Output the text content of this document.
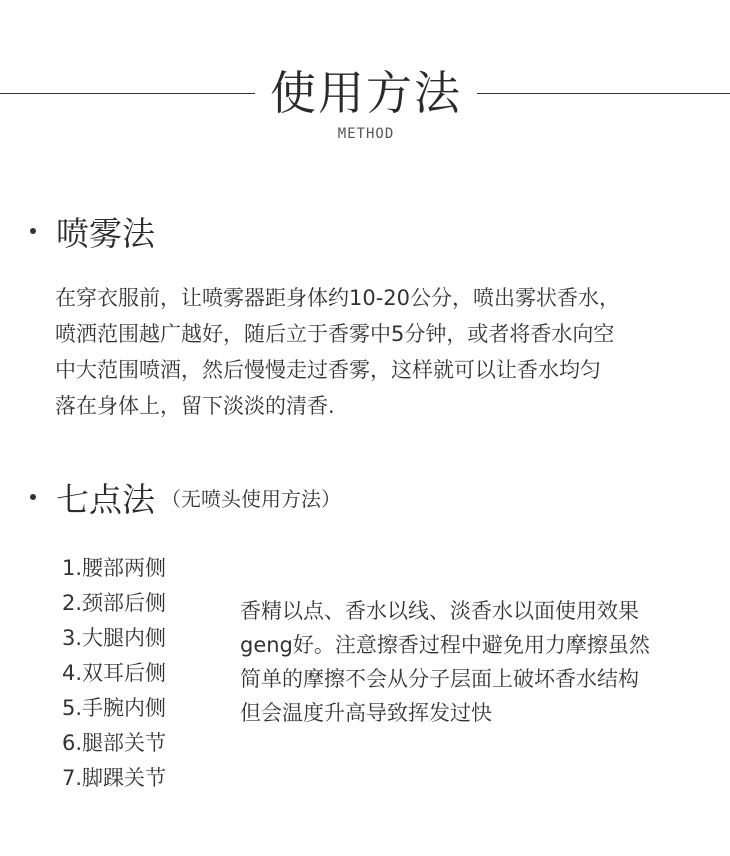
使用方法
METHOD
喷雾法
在穿衣服前，让喷雾器距身体约10-20公分，喷出雾状香水，
喷洒范围越广越好，随后立于香雾中5分钟，或者将香水向空
中大范围喷酒，然后慢慢走过香雾，这样就可以让香水均匀
落在身体上，留下淡淡的清香.
七点法 （无喷头使用方法）
1.腰部两侧
2.颈部后侧
3.大腿内侧
4.双耳后侧
5.手腕内侧
6.腿部关节
7.脚踝关节
香精以点、香水以线、淡香水以面使用效果
geng好。注意擦香过程中避免用力摩擦虽然
简单的摩擦不会从分子层面上破坏香水结构
但会温度升高导致挥发过快
